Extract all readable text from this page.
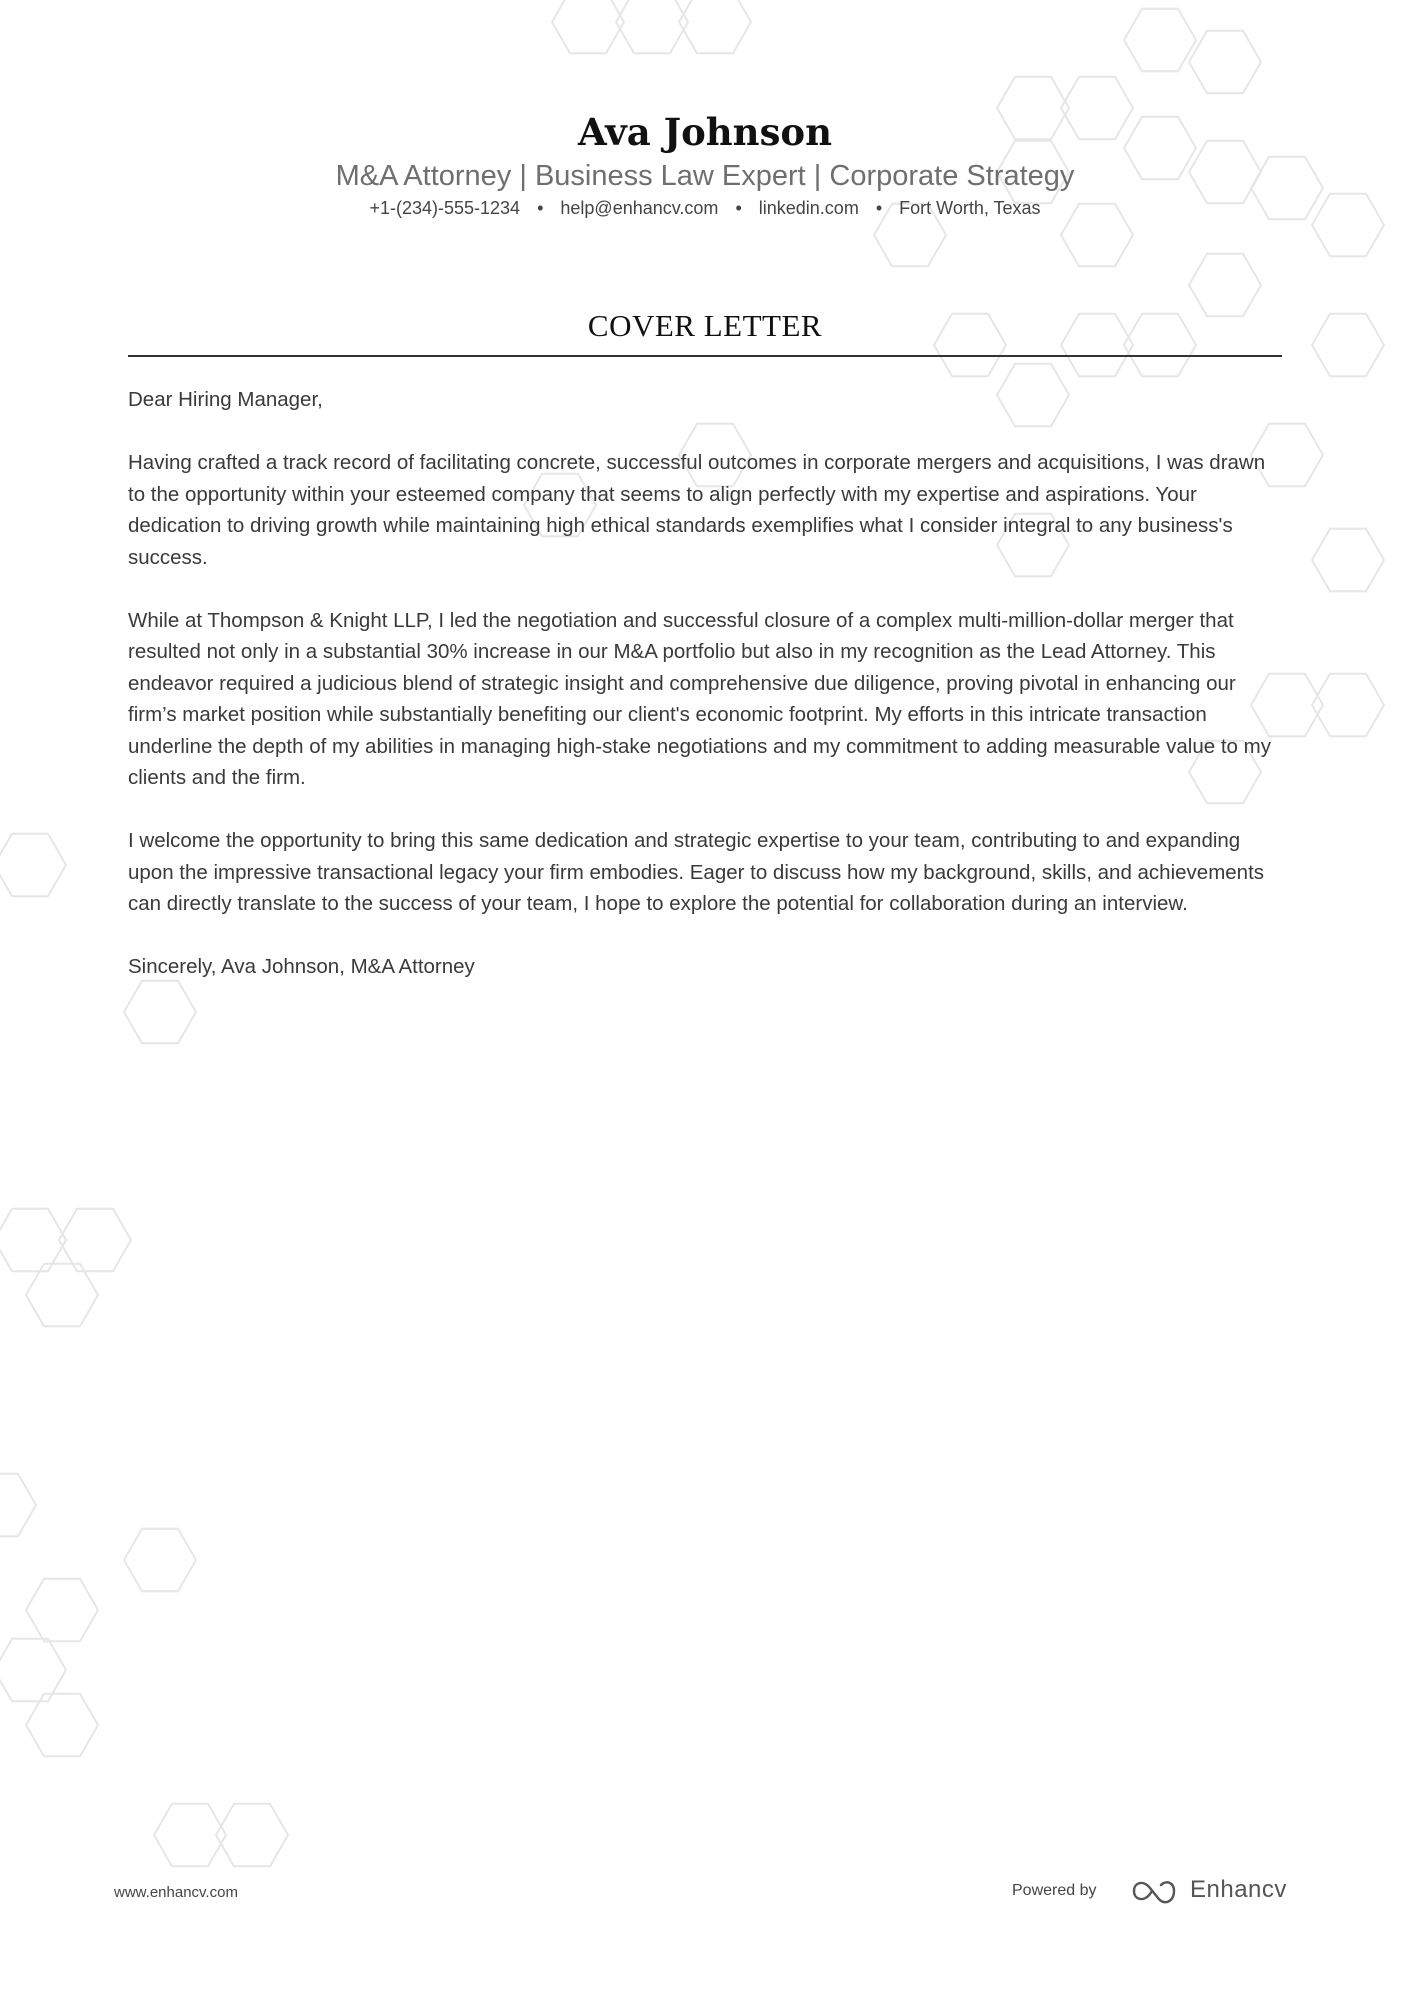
Ava Johnson
M&A Attorney | Business Law Expert | Corporate Strategy
+1-(234)-555-1234 • help@enhancv.com • linkedin.com • Fort Worth, Texas
COVER LETTER

Dear Hiring Manager,

Having crafted a track record of facilitating concrete, successful outcomes in corporate mergers and acquisitions, I was drawn to the opportunity within your esteemed company that seems to align perfectly with my expertise and aspirations. Your dedication to driving growth while maintaining high ethical standards exemplifies what I consider integral to any business's success.

While at Thompson & Knight LLP, I led the negotiation and successful closure of a complex multi-million-dollar merger that resulted not only in a substantial 30% increase in our M&A portfolio but also in my recognition as the Lead Attorney. This endeavor required a judicious blend of strategic insight and comprehensive due diligence, proving pivotal in enhancing our firm’s market position while substantially benefiting our client's economic footprint. My efforts in this intricate transaction underline the depth of my abilities in managing high-stake negotiations and my commitment to adding measurable value to my clients and the firm.

I welcome the opportunity to bring this same dedication and strategic expertise to your team, contributing to and expanding upon the impressive transactional legacy your firm embodies. Eager to discuss how my background, skills, and achievements can directly translate to the success of your team, I hope to explore the potential for collaboration during an interview.

Sincerely, Ava Johnson, M&A Attorney

www.enhancv.com	Powered by	Enhancv
